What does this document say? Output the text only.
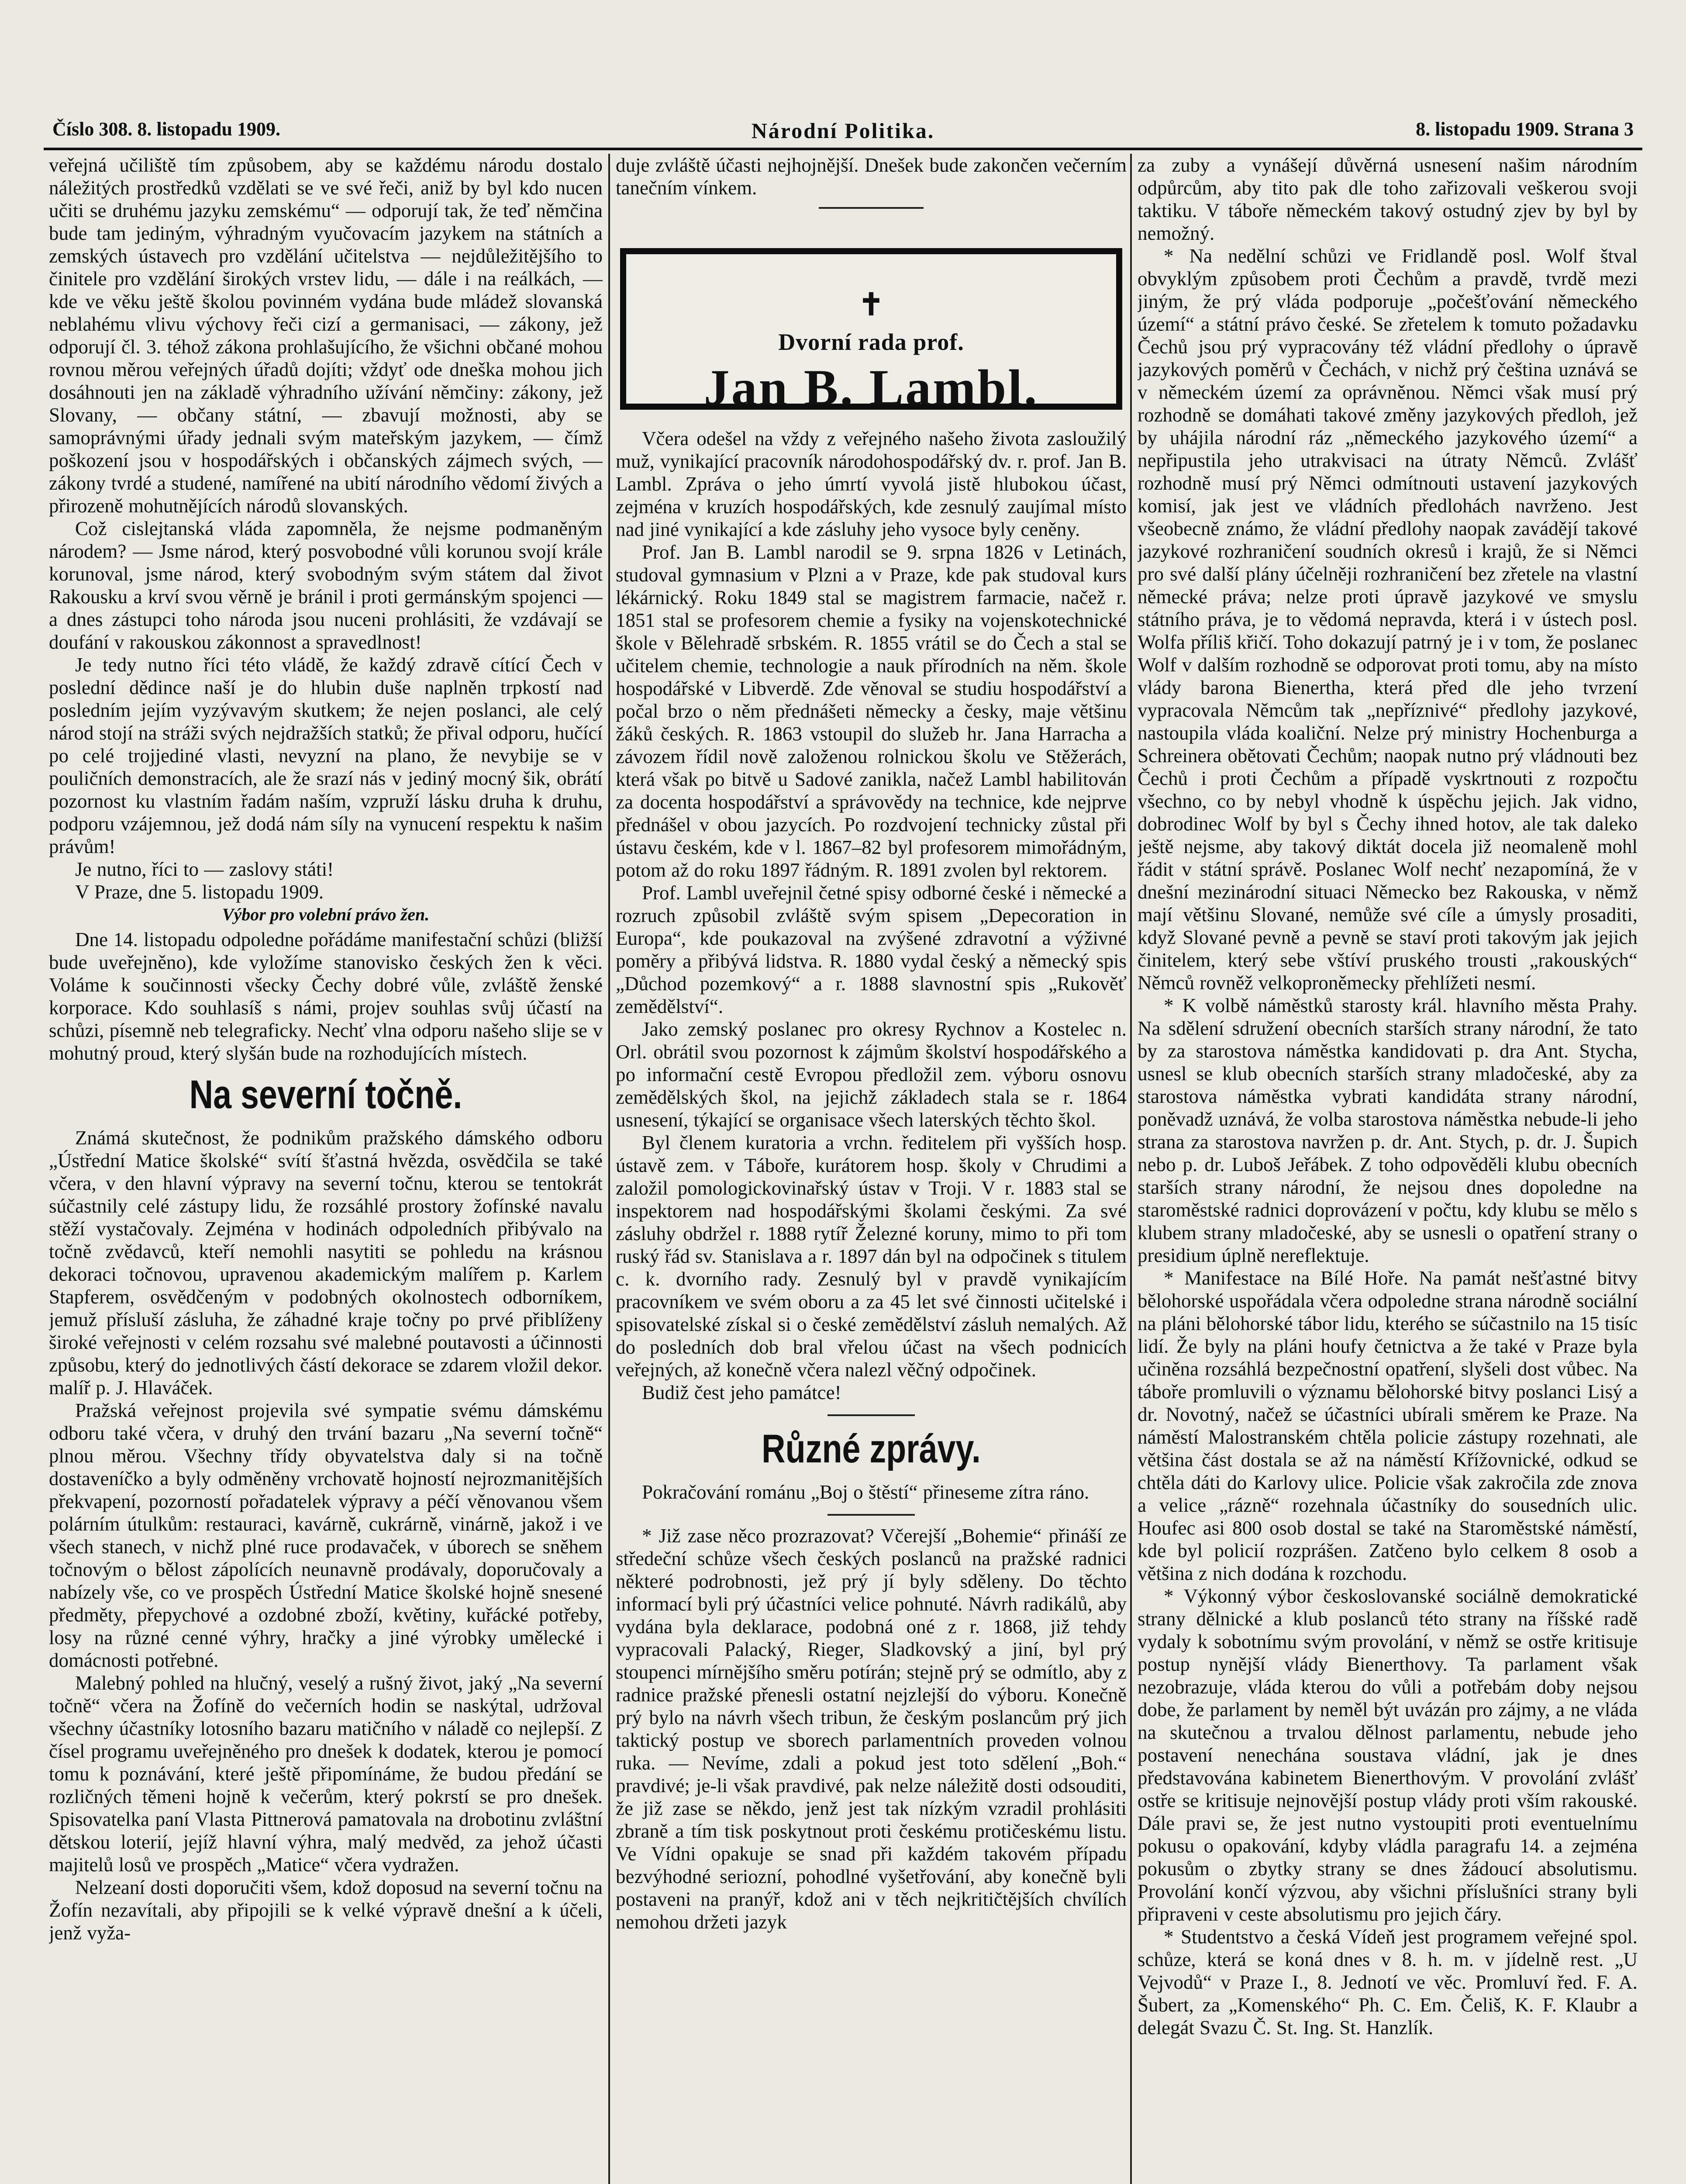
Číslo 308. 8. listopadu 1909.	Národní Politika.	8. listopadu 1909. Strana 3

veřejná učiliště tím způsobem, aby se každému národu dostalo náležitých prostředků vzdělati se ve své řeči, aniž by byl kdo nucen učiti se druhému jazyku zemskému“ — odporují tak, že teď němčina bude tam jediným, výhradným vyučovacím jazykem na státních a zemských ústavech pro vzdělání učitelstva — nejdůležitějšího to činitele pro vzdělání širokých vrstev lidu, — dále i na reálkách, — kde ve věku ještě školou povinném vydána bude mládež slovanská neblahému vlivu výchovy řeči cizí a germanisaci, — zákony, jež odporují čl. 3. téhož zákona prohlašujícího, že všichni občané mohou rovnou měrou veřejných úřadů dojíti; vždyť ode dneška mohou jich dosáhnouti jen na základě výhradního užívání němčiny: zákony, jež Slovany, — občany státní, — zbavují možnosti, aby se samoprávnými úřady jednali svým mateřským jazykem, — čímž poškození jsou v hospodářských i občanských zájmech svých, — zákony tvrdé a studené, namířené na ubití národního vědomí živých a přirozeně mohutnějících národů slovanských.

Což cislejtanská vláda zapomněla, že nejsme podmaněným národem? — Jsme národ, který posvobodné vůli korunou svojí krále korunoval, jsme národ, který svobodným svým státem dal život Rakousku a krví svou věrně je bránil i proti germánským spojenci — a dnes zástupci toho národa jsou nuceni prohlásiti, že vzdávají se doufání v rakouskou zákonnost a spravedlnost!

Je tedy nutno říci této vládě, že každý zdravě cítící Čech v poslední dědince naší je do hlubin duše naplněn trpkostí nad posledním jejím vyzývavým skutkem; že nejen poslanci, ale celý národ stojí na stráži svých nejdražších statků; že přival odporu, hučící po celé trojjediné vlasti, nevyzní na plano, že nevybije se v pouličních demonstracích, ale že srazí nás v jediný mocný šik, obrátí pozornost ku vlastním řadám naším, vzpruží lásku druha k druhu, podporu vzájemnou, jež dodá nám síly na vynucení respektu k našim právům!

Je nutno, říci to — zaslovy státi!

V Praze, dne 5. listopadu 1909.

Výbor pro volební právo žen.

Dne 14. listopadu odpoledne pořádáme manifestační schůzi (bližší bude uveřejněno), kde vyložíme stanovisko českých žen k věci. Voláme k součinnosti všecky Čechy dobré vůle, zvláště ženské korporace. Kdo souhlasíš s námi, projev souhlas svůj účastí na schůzi, písemně neb telegraficky. Nechť vlna odporu našeho slije se v mohutný proud, který slyšán bude na rozhodujících místech.

Na severní točně.

Známá skutečnost, že podnikům pražského dámského odboru „Ústřední Matice školské“ svítí šťastná hvězda, osvědčila se také včera, v den hlavní výpravy na severní točnu, kterou se tentokrát súčastnily celé zástupy lidu, že rozsáhlé prostory žofínské navalu stěží vystačovaly. Zejména v hodinách odpoledních přibývalo na točně zvědavců, kteří nemohli nasytiti se pohledu na krásnou dekoraci točnovou, upravenou akademickým malířem p. Karlem Stapferem, osvědčeným v podobných okolnostech odborníkem, jemuž přísluší zásluha, že záhadné kraje točny po prvé přiblíženy široké veřejnosti v celém rozsahu své malebné poutavosti a účinnosti způsobu, který do jednotlivých částí dekorace se zdarem vložil dekor. malíř p. J. Hlaváček.

Pražská veřejnost projevila své sympatie svému dámskému odboru také včera, v druhý den trvání bazaru „Na severní točně“ plnou měrou. Všechny třídy obyvatelstva daly si na točně dostaveníčko a byly odměněny vrchovatě hojností nejrozmanitějších překvapení, pozorností pořadatelek výpravy a péčí věnovanou všem polárním útulkům: restauraci, kavárně, cukrárně, vinárně, jakož i ve všech stanech, v nichž plné ruce prodavaček, v úborech se sněhem točnovým o bělost zápolících neunavně prodávaly, doporučovaly a nabízely vše, co ve prospěch Ústřední Matice školské hojně snesené předměty, přepychové a ozdobné zboží, květiny, kuřácké potřeby, losy na různé cenné výhry, hračky a jiné výrobky umělecké i domácnosti potřebné.

Malebný pohled na hlučný, veselý a rušný život, jaký „Na severní točně“ včera na Žofíně do večerních hodin se naskýtal, udržoval všechny účastníky lotosního bazaru matičního v náladě co nejlepší. Z čísel programu uveřejněného pro dnešek k dodatek, kterou je pomocí tomu k poznávání, které ještě připomínáme, že budou předání se rozličných těmeni hojně k večerům, který pokrstí se pro dnešek. Spisovatelka paní Vlasta Pittnerová pamatovala na drobotinu zvláštní dětskou loterií, jejíž hlavní výhra, malý medvěd, za jehož účasti majitelů losů ve prospěch „Matice“ včera vydražen.

Nelzeaní dosti doporučiti všem, kdož doposud na severní točnu na Žofín nezavítali, aby připojili se k velké výpravě dnešní a k účeli, jenž vyža-

duje zvláště účasti nejhojnější. Dnešek bude zakončen večerním tanečním vínkem.

✝
Dvorní rada prof.
Jan B. Lambl.

Včera odešel na vždy z veřejného našeho života zasloužilý muž, vynikající pracovník národohospodářský dv. r. prof. Jan B. Lambl. Zpráva o jeho úmrtí vyvolá jistě hlubokou účast, zejména v kruzích hospodářských, kde zesnulý zaujímal místo nad jiné vynikající a kde zásluhy jeho vysoce byly ceněny.

Prof. Jan B. Lambl narodil se 9. srpna 1826 v Letinách, studoval gymnasium v Plzni a v Praze, kde pak studoval kurs lékárnický. Roku 1849 stal se magistrem farmacie, načež r. 1851 stal se profesorem chemie a fysiky na vojenskotechnické škole v Bělehradě srbském. R. 1855 vrátil se do Čech a stal se učitelem chemie, technologie a nauk přírodních na něm. škole hospodářské v Libverdě. Zde věnoval se studiu hospodářství a počal brzo o něm přednášeti německy a česky, maje většinu žáků českých. R. 1863 vstoupil do služeb hr. Jana Harracha a závozem řídil nově založenou rolnickou školu ve Stěžerách, která však po bitvě u Sadové zanikla, načež Lambl habilitován za docenta hospodářství a správovědy na technice, kde nejprve přednášel v obou jazycích. Po rozdvojení technicky zůstal při ústavu českém, kde v l. 1867–82 byl profesorem mimořádným, potom až do roku 1897 řádným. R. 1891 zvolen byl rektorem.

Prof. Lambl uveřejnil četné spisy odborné české i německé a rozruch způsobil zvláště svým spisem „Depecoration in Europa“, kde poukazoval na zvýšené zdravotní a výživné poměry a přibývá lidstva. R. 1880 vydal český a německý spis „Důchod pozemkový“ a r. 1888 slavnostní spis „Rukověť zemědělství“.

Jako zemský poslanec pro okresy Rychnov a Kostelec n. Orl. obrátil svou pozornost k zájmům školství hospodářského a po informační cestě Evropou předložil zem. výboru osnovu zemědělských škol, na jejichž základech stala se r. 1864 usnesení, týkající se organisace všech laterských těchto škol.

Byl členem kuratoria a vrchn. ředitelem při vyšších hosp. ústavě zem. v Táboře, kurátorem hosp. školy v Chrudimi a založil pomologickovinařský ústav v Troji. V r. 1883 stal se inspektorem nad hospodářskými školami českými. Za své zásluhy obdržel r. 1888 rytíř Železné koruny, mimo to při tom ruský řád sv. Stanislava a r. 1897 dán byl na odpočinek s titulem c. k. dvorního rady. Zesnulý byl v pravdě vynikajícím pracovníkem ve svém oboru a za 45 let své činnosti učitelské i spisovatelské získal si o české zemědělství zásluh nemalých. Až do posledních dob bral vřelou účast na všech podnicích veřejných, až konečně včera nalezl věčný odpočinek.

Budiž čest jeho památce!

Různé zprávy.

Pokračování románu „Boj o štěstí“ přineseme zítra ráno.

* Již zase něco prozrazovat? Včerejší „Bohemie“ přináší ze středeční schůze všech českých poslanců na pražské radnici některé podrobnosti, jež prý jí byly sděleny. Do těchto informací byli prý účastníci velice pohnuté. Návrh radikálů, aby vydána byla deklarace, podobná oné z r. 1868, již tehdy vypracovali Palacký, Rieger, Sladkovský a jiní, byl prý stoupenci mírnějšího směru potírán; stejně prý se odmítlo, aby z radnice pražské přenesli ostatní nejzlejší do výboru. Konečně prý bylo na návrh všech tribun, že českým poslancům prý jich taktický postup ve sborech parlamentních proveden volnou ruka. — Nevíme, zdali a pokud jest toto sdělení „Boh.“ pravdivé; je-li však pravdivé, pak nelze náležitě dosti odsouditi, že již zase se někdo, jenž jest tak nízkým vzradil prohlásiti zbraně a tím tisk poskytnout proti českému protičeskému listu. Ve Vídni opakuje se snad při každém takovém případu bezvýhodné seriozní, pohodlné vyšetřování, aby konečně byli postaveni na pranýř, kdož ani v těch nejkritičtějších chvílích nemohou držeti jazyk

za zuby a vynášejí důvěrná usnesení našim národním odpůrcům, aby tito pak dle toho zařizovali veškerou svoji taktiku. V táboře německém takový ostudný zjev by byl by nemožný.

* Na nedělní schůzi ve Fridlandě posl. Wolf štval obvyklým způsobem proti Čechům a pravdě, tvrdě mezi jiným, že prý vláda podporuje „počešťování německého území“ a státní právo české. Se zřetelem k tomuto požadavku Čechů jsou prý vypracovány též vládní předlohy o úpravě jazykových poměrů v Čechách, v nichž prý čeština uznává se v německém území za oprávněnou. Němci však musí prý rozhodně se domáhati takové změny jazykových předloh, jež by uhájila národní ráz „německého jazykového území“ a nepřipustila jeho utrakvisaci na útraty Němců. Zvlášť rozhodně musí prý Němci odmítnouti ustavení jazykových komisí, jak jest ve vládních předlohách navrženo. Jest všeobecně známo, že vládní předlohy naopak zavádějí takové jazykové rozhraničení soudních okresů i krajů, že si Němci pro své další plány účelněji rozhraničení bez zřetele na vlastní německé práva; nelze proti úpravě jazykové ve smyslu státního práva, je to vědomá nepravda, která i v ústech posl. Wolfa příliš křičí. Toho dokazují patrný je i v tom, že poslanec Wolf v dalším rozhodně se odporovat proti tomu, aby na místo vlády barona Bienertha, která před dle jeho tvrzení vypracovala Němcům tak „nepříznivé“ předlohy jazykové, nastoupila vláda koaliční. Nelze prý ministry Hochenburga a Schreinera obětovati Čechům; naopak nutno prý vládnouti bez Čechů i proti Čechům a případě vyskrtnouti z rozpočtu všechno, co by nebyl vhodně k úspěchu jejich. Jak vidno, dobrodinec Wolf by byl s Čechy ihned hotov, ale tak daleko ještě nejsme, aby takový diktát docela již neomaleně mohl řádit v státní správě. Poslanec Wolf nechť nezapomíná, že v dnešní mezinárodní situaci Německo bez Rakouska, v němž mají většinu Slované, nemůže své cíle a úmysly prosaditi, když Slované pevně a pevně se staví proti takovým jak jejich činitelem, který sebe vštíví pruského trousti „rakouských“ Němců rovněž velkoproněmecky přehlížeti nesmí.

* K volbě náměstků starosty král. hlavního města Prahy. Na sdělení sdružení obecních starších strany národní, že tato by za starostova náměstka kandidovati p. dra Ant. Stycha, usnesl se klub obecních starších strany mladočeské, aby za starostova náměstka vybrati kandidáta strany národní, poněvadž uznává, že volba starostova náměstka nebude-li jeho strana za starostova navržen p. dr. Ant. Stych, p. dr. J. Šupich nebo p. dr. Luboš Jeřábek. Z toho odpověděli klubu obecních starších strany národní, že nejsou dnes dopoledne na staroměstské radnici doprovázení v počtu, kdy klubu se mělo s klubem strany mladočeské, aby se usnesli o opatření strany o presidium úplně nereflektuje.

* Manifestace na Bílé Hoře. Na památ nešťastné bitvy bělohorské uspořádala včera odpoledne strana národně sociální na pláni bělohorské tábor lidu, kterého se súčastnilo na 15 tisíc lidí. Že byly na pláni houfy četnictva a že také v Praze byla učiněna rozsáhlá bezpečnostní opatření, slyšeli dost vůbec. Na táboře promluvili o významu bělohorské bitvy poslanci Lisý a dr. Novotný, načež se účastníci ubírali směrem ke Praze. Na náměstí Malostranském chtěla policie zástupy rozehnati, ale většina část dostala se až na náměstí Křížovnické, odkud se chtěla dáti do Karlovy ulice. Policie však zakročila zde znova a velice „rázně“ rozehnala účastníky do sousedních ulic. Houfec asi 800 osob dostal se také na Staroměstské náměstí, kde byl policií rozprášen. Zatčeno bylo celkem 8 osob a většina z nich dodána k rozchodu.

* Výkonný výbor českoslovanské sociálně demokratické strany dělnické a klub poslanců této strany na říšské radě vydaly k sobotnímu svým provolání, v němž se ostře kritisuje postup nynější vlády Bienerthovy. Ta parlament však nezobrazuje, vláda kterou do vůli a potřebám doby nejsou dobe, že parlament by neměl být uvázán pro zájmy, a ne vláda na skutečnou a trvalou dělnost parlamentu, nebude jeho postavení nenechána soustava vládní, jak je dnes představována kabinetem Bienerthovým. V provolání zvlášť ostře se kritisuje nejnovější postup vlády proti vším rakouské. Dále pravi se, že jest nutno vystoupiti proti eventuelnímu pokusu o opakování, kdyby vládla paragrafu 14. a zejména pokusům o zbytky strany se dnes žádoucí absolutismu. Provolání končí výzvou, aby všichni příslušníci strany byli připraveni v ceste absolutismu pro jejich čáry.

* Studentstvo a česká Vídeň jest programem veřejné spol. schůze, která se koná dnes v 8. h. m. v jídelně rest. „U Vejvodů“ v Praze I., 8. Jednotí ve věc. Promluví řed. F. A. Šubert, za „Komenského“ Ph. C. Em. Čeliš, K. F. Klaubr a delegát Svazu Č. St. Ing. St. Hanzlík.
